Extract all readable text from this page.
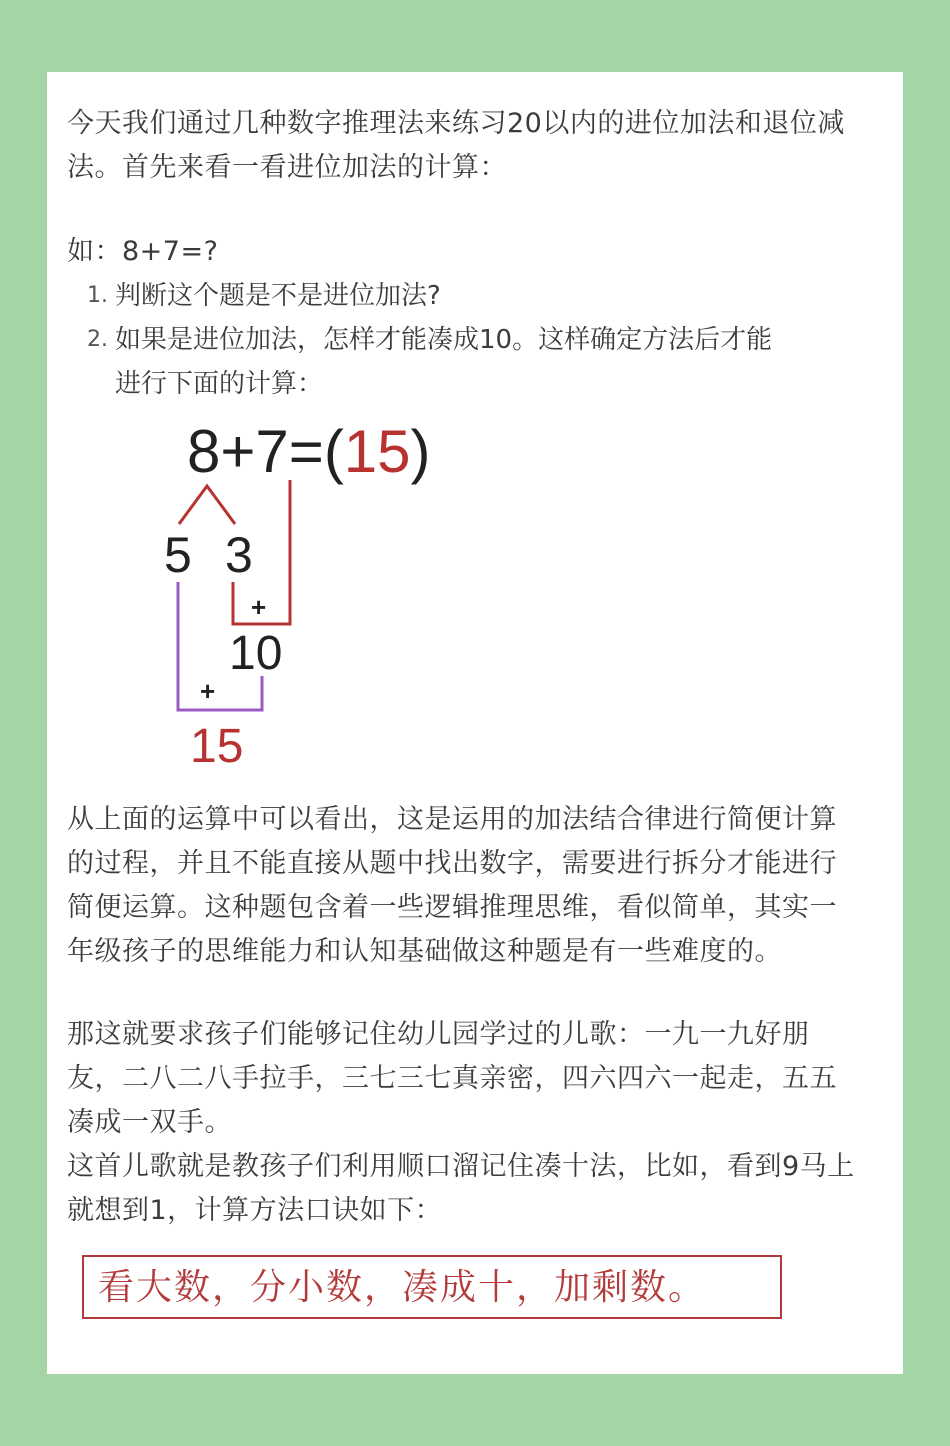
今天我们通过几种数字推理法来练习20以内的进位加法和退位减

法。首先来看一看进位加法的计算：

如：8+7=?

1. 判断这个题是不是进位加法?
2. 如果是进位加法，怎样才能凑成10。这样确定方法后才能
进行下面的计算：
8+7=(15)
5 3
+
10
+
15

从上面的运算中可以看出，这是运用的加法结合律进行简便计算

的过程，并且不能直接从题中找出数字，需要进行拆分才能进行

简便运算。这种题包含着一些逻辑推理思维，看似简单，其实一

年级孩子的思维能力和认知基础做这种题是有一些难度的。

那这就要求孩子们能够记住幼儿园学过的儿歌：一九一九好朋

友，二八二八手拉手，三七三七真亲密，四六四六一起走，五五

凑成一双手。

这首儿歌就是教孩子们利用顺口溜记住凑十法，比如，看到9马上

就想到1，计算方法口诀如下：

看大数，分小数，凑成十，加剩数。
